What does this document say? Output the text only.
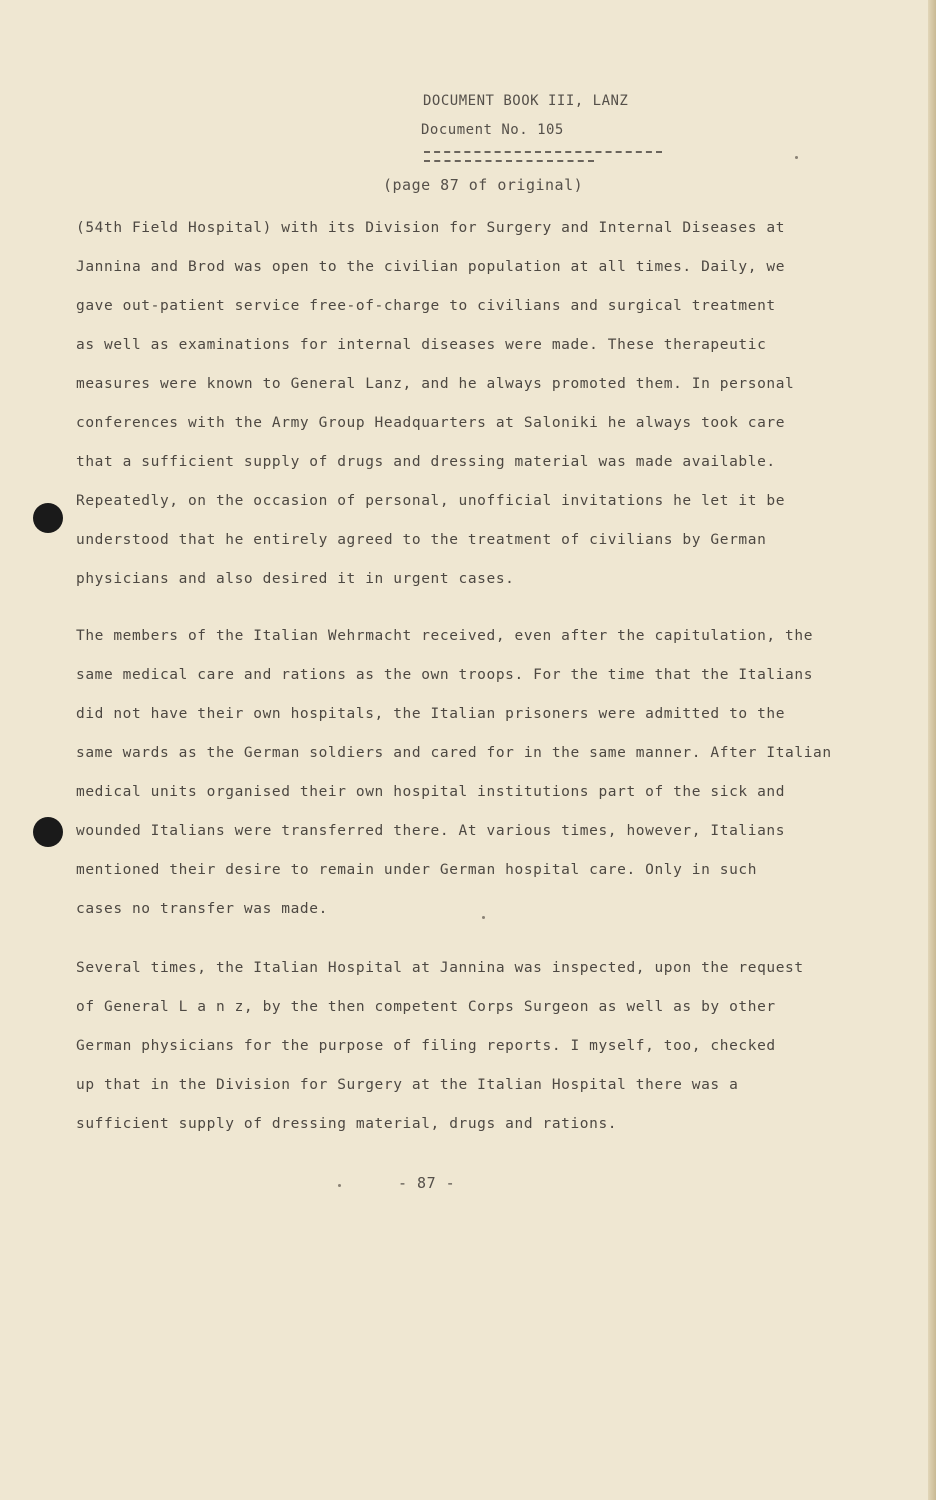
DOCUMENT BOOK III, LANZ
Document No. 105
(page 87 of original)
(54th Field Hospital) with its Division for Surgery and Internal Diseases at
Jannina and Brod was open to the civilian population at all times. Daily, we
gave out-patient service free-of-charge to civilians and surgical treatment
as well as examinations for internal diseases were made. These therapeutic
measures were known to General Lanz, and he always promoted them. In personal
conferences with the Army Group Headquarters at Saloniki he always took care
that a sufficient supply of drugs and dressing material was made available.
Repeatedly, on the occasion of personal, unofficial invitations he let it be
understood that he entirely agreed to the treatment of civilians by German
physicians and also desired it in urgent cases.
The members of the Italian Wehrmacht received, even after the capitulation, the
same medical care and rations as the own troops. For the time that the Italians
did not have their own hospitals, the Italian prisoners were admitted to the
same wards as the German soldiers and cared for in the same manner. After Italian
medical units organised their own hospital institutions part of the sick and
wounded Italians were transferred there. At various times, however, Italians
mentioned their desire to remain under German hospital care. Only in such
cases no transfer was made.
Several times, the Italian Hospital at Jannina was inspected, upon the request
of General L a n z, by the then competent Corps Surgeon as well as by other
German physicians for the purpose of filing reports. I myself, too, checked
up that in the Division for Surgery at the Italian Hospital there was a
sufficient supply of dressing material, drugs and rations.
- 87 -
